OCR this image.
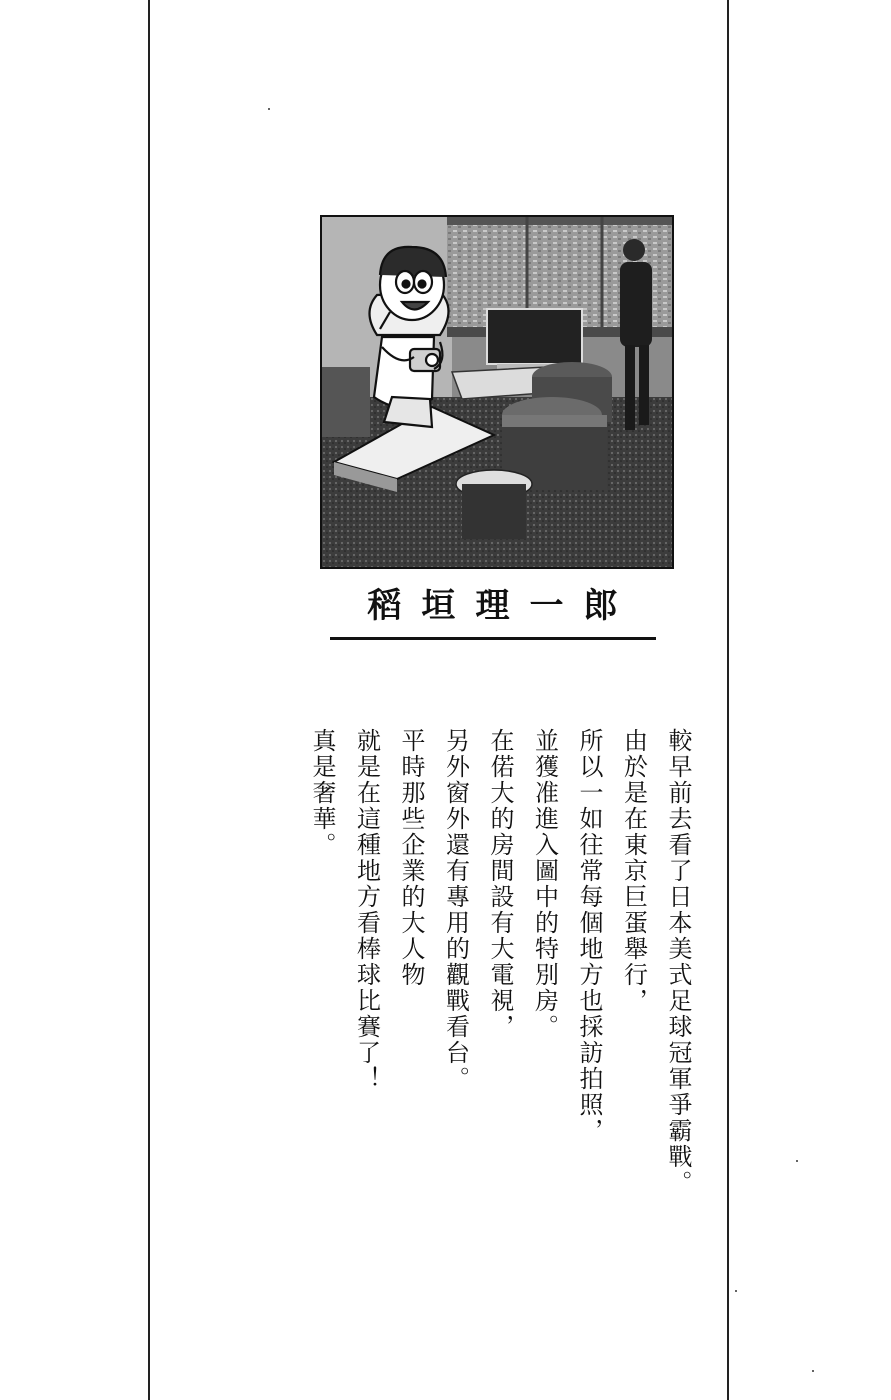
稻垣理一郎
較早前去看了日本美式足球冠軍爭霸戰。
由於是在東京巨蛋舉行，
所以一如往常每個地方也採訪拍照，
並獲准進入圖中的特別房。
在偌大的房間設有大電視，
另外窗外還有專用的觀戰看台。
平時那些企業的大人物
就是在這種地方看棒球比賽了！
真是奢華。
